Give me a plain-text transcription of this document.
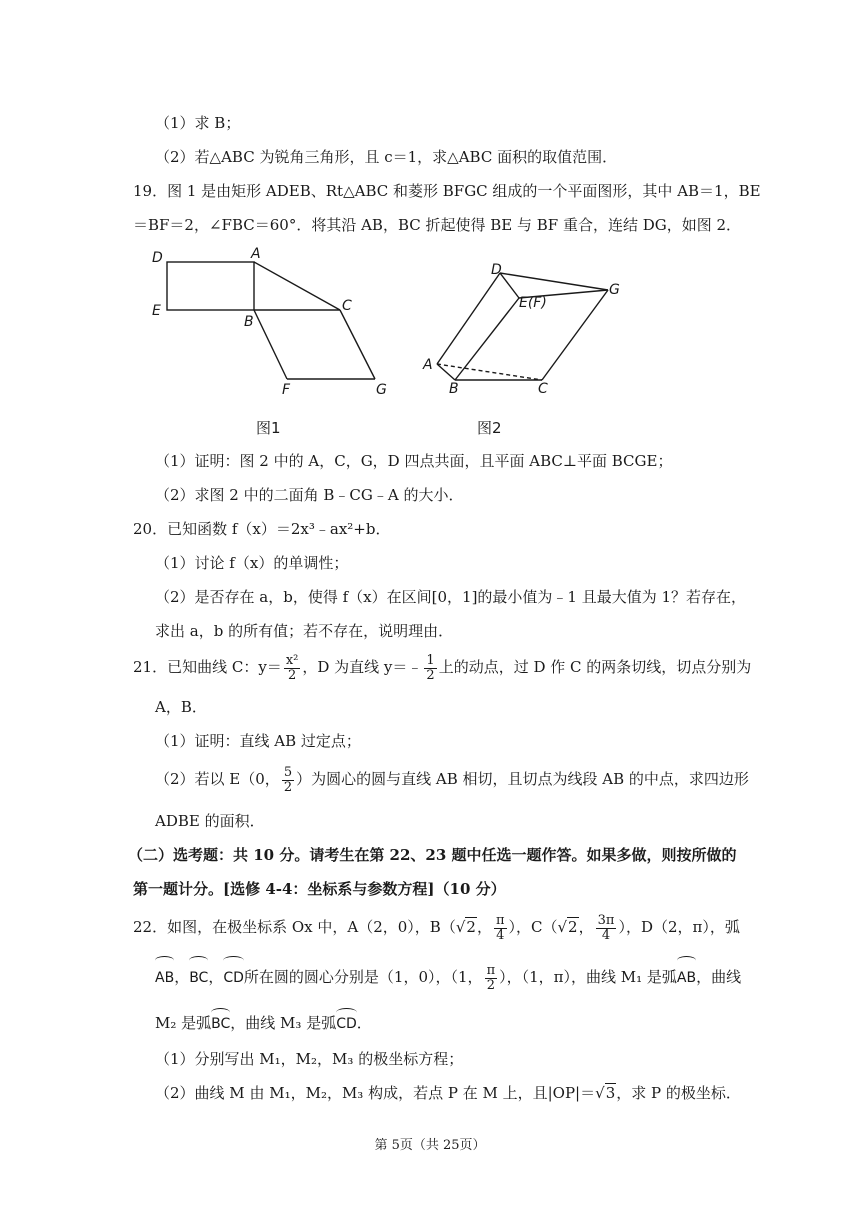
（1）求 B；
（2）若△ABC 为锐角三角形，且 c＝1，求△ABC 面积的取值范围．
19．图 1 是由矩形 ADEB、Rt△ABC 和菱形 BFGC 组成的一个平面图形，其中 AB＝1，BE
＝BF＝2，∠FBC＝60°．将其沿 AB，BC 折起使得 BE 与 BF 重合，连结 DG，如图 2．
D	A
E
B
C
F	G
图1
D
E(F)
G
A
B	C
图2
（1）证明：图 2 中的 A，C，G，D 四点共面，且平面 ABC⊥平面 BCGE；
（2）求图 2 中的二面角 B﹣CG﹣A 的大小．
20．已知函数 f（x）＝2x³﹣ax²+b．
（1）讨论 f（x）的单调性；
（2）是否存在 a，b，使得 f（x）在区间[0，1]的最小值为﹣1 且最大值为 1？若存在，
求出 a，b 的所有值；若不存在，说明理由．
21．已知曲线 C：$y= \frac{\text{x²}}{2}$ ，D 为直线 y＝﹣ $\frac{1}{2}$ 上的动点，过 D 作 C 的两条切线，切点分别为
A，B．
（1）证明：直线 AB 过定点；
（2）若以 E（0， $\frac{5}{2}$ ）为圆心的圆与直线 AB 相切，且切点为线段 AB 的中点，求四边形
ADBE 的面积．
（二）选考题：共 10 分。请考生在第 22、23 题中任选一题作答。如果多做，则按所做的
第一题计分。[选修 4-4：坐标系与参数方程]（10 分）
22．如图，在极坐标系 Ox 中，A（2，0），B（√2， $\frac{\pi}{4}$ ），C（√2， $\frac{3\pi}{4}$ ），D（2，π），弧
AB，BC，CD所在圆的圆心分别是（1，0），（1， $\frac{\pi}{2}$ ），（1，π），曲线 M₁ 是弧AB，曲线
M₂ 是弧BC，曲线 M₃ 是弧CD．
（1）分别写出 M₁，M₂，M₃ 的极坐标方程；
（2）曲线 M 由 M₁，M₂，M₃ 构成，若点 P 在 M 上，且|OP|＝√3，求 P 的极坐标．
第 5页（共 25页）
